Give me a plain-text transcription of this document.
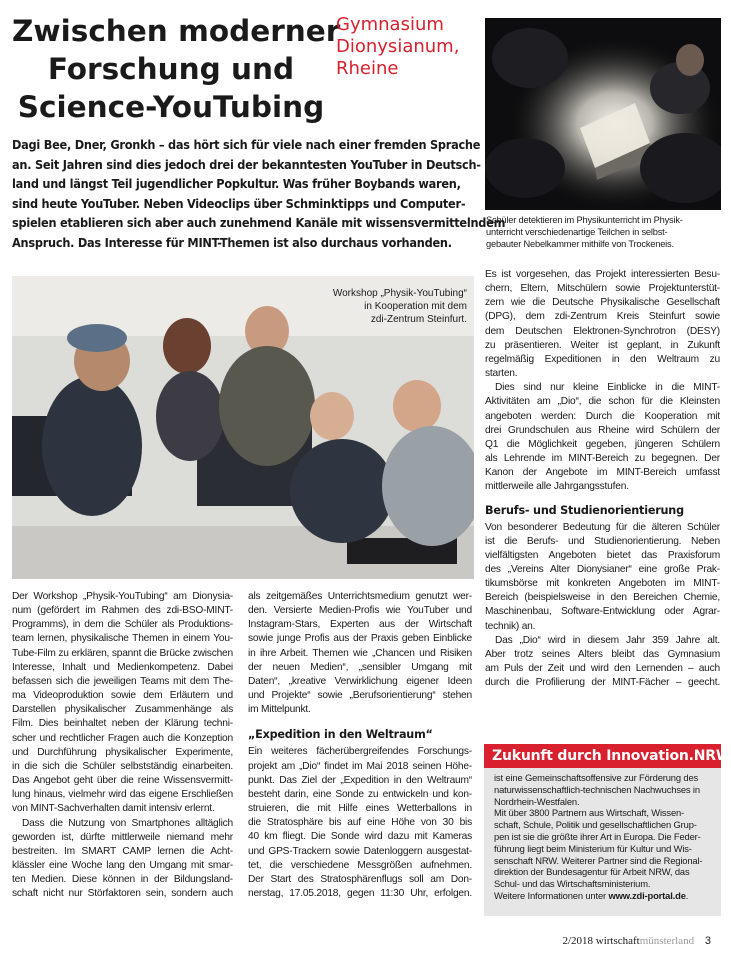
Zwischen moderner
Forschung und
Science-YouTubing
Gymnasium
Dionysianum,
Rheine
Dagi Bee, Dner, Gronkh – das hört sich für viele nach einer fremden Sprache
an. Seit Jahren sind dies jedoch drei der bekanntesten YouTuber in Deutsch-
land und längst Teil jugendlicher Popkultur. Was früher Boybands waren,
sind heute YouTuber. Neben Videoclips über Schminktipps und Computer-
spielen etablieren sich aber auch zunehmend Kanäle mit wissensvermittelndem
Anspruch. Das Interesse für MINT-Themen ist also durchaus vorhanden.
Schüler detektieren im Physikunterricht im Physik-
unterricht verschiedenartige Teilchen in selbst-
gebauter Nebelkammer mithilfe von Trockeneis.
Workshop „Physik-YouTubing“
in Kooperation mit dem
zdi-Zentrum Steinfurt.
Der Workshop „Physik-YouTubing“ am Dionysia-
num (gefördert im Rahmen des zdi-BSO-MINT-
Programms), in dem die Schüler als Produktions-
team lernen, physikalische Themen in einem You-
Tube-Film zu erklären, spannt die Brücke zwischen
Interesse, Inhalt und Medienkompetenz. Dabei
befassen sich die jeweiligen Teams mit dem The-
ma Videoproduktion sowie dem Erläutern und
Darstellen physikalischer Zusammenhänge als
Film. Dies beinhaltet neben der Klärung techni-
scher und rechtlicher Fragen auch die Konzeption
und Durchführung physikalischer Experimente,
in die sich die Schüler selbstständig einarbeiten.
Das Angebot geht über die reine Wissensvermitt-
lung hinaus, vielmehr wird das eigene Erschließen
von MINT-Sachverhalten damit intensiv erlernt.
Dass die Nutzung von Smartphones alltäglich
geworden ist, dürfte mittlerweile niemand mehr
bestreiten. Im SMART CAMP lernen die Acht-
klässler eine Woche lang den Umgang mit smar-
ten Medien. Diese können in der Bildungsland-
schaft nicht nur Störfaktoren sein, sondern auch
als zeitgemäßes Unterrichtsmedium genutzt wer-
den. Versierte Medien-Profis wie YouTuber und
Instagram-Stars, Experten aus der Wirtschaft
sowie junge Profis aus der Praxis geben Einblicke
in ihre Arbeit. Themen wie „Chancen und Risiken
der neuen Medien“, „sensibler Umgang mit
Daten“, „kreative Verwirklichung eigener Ideen
und Projekte“ sowie „Berufsorientierung“ stehen
im Mittelpunkt.
„Expedition in den Weltraum“
Ein weiteres fächerübergreifendes Forschungs-
projekt am „Dio“ findet im Mai 2018 seinen Höhe-
punkt. Das Ziel der „Expedition in den Weltraum“
besteht darin, eine Sonde zu entwickeln und kon-
struieren, die mit Hilfe eines Wetterballons in
die Stratosphäre bis auf eine Höhe von 30 bis
40 km fliegt. Die Sonde wird dazu mit Kameras
und GPS-Trackern sowie Datenloggern ausgestat-
tet, die verschiedene Messgrößen aufnehmen.
Der Start des Stratosphärenflugs soll am Don-
nerstag, 17.05.2018, gegen 11:30 Uhr, erfolgen.
Es ist vorgesehen, das Projekt interessierten Besu-
chern, Eltern, Mitschülern sowie Projektunterstüt-
zern wie die Deutsche Physikalische Gesellschaft
(DPG), dem zdi-Zentrum Kreis Steinfurt sowie
dem Deutschen Elektronen-Synchrotron (DESY)
zu präsentieren. Weiter ist geplant, in Zukunft
regelmäßig Expeditionen in den Weltraum zu
starten.
Dies sind nur kleine Einblicke in die MINT-
Aktivitäten am „Dio“, die schon für die Kleinsten
angeboten werden: Durch die Kooperation mit
drei Grundschulen aus Rheine wird Schülern der
Q1 die Möglichkeit gegeben, jüngeren Schülern
als Lehrende im MINT-Bereich zu begegnen. Der
Kanon der Angebote im MINT-Bereich umfasst
mittlerweile alle Jahrgangsstufen.
Berufs- und Studienorientierung
Von besonderer Bedeutung für die älteren Schüler
ist die Berufs- und Studienorientierung. Neben
vielfältigsten Angeboten bietet das Praxisforum
des „Vereins Alter Dionysianer“ eine große Prak-
tikumsbörse mit konkreten Angeboten im MINT-
Bereich (beispielsweise in den Bereichen Chemie,
Maschinenbau, Software-Entwicklung oder Agrar-
technik) an.
Das „Dio“ wird in diesem Jahr 359 Jahre alt.
Aber trotz seines Alters bleibt das Gymnasium
am Puls der Zeit und wird den Lernenden – auch
durch die Profilierung der MINT-Fächer – geecht.
Zukunft durch Innovation.NRW
ist eine Gemeinschaftsoffensive zur Förderung des
naturwissenschaftlich-technischen Nachwuchses in
Nordrhein-Westfalen.
Mit über 3800 Partnern aus Wirtschaft, Wissen-
schaft, Schule, Politik und gesellschaftlichen Grup-
pen ist sie die größte ihrer Art in Europa. Die Feder-
führung liegt beim Ministerium für Kultur und Wis-
senschaft NRW. Weiterer Partner sind die Regional-
direktion der Bundesagentur für Arbeit NRW, das
Schul- und das Wirtschaftsministerium.
Weitere Informationen unter www.zdi-portal.de.
2/2018 wirtschaftmünsterland 3
